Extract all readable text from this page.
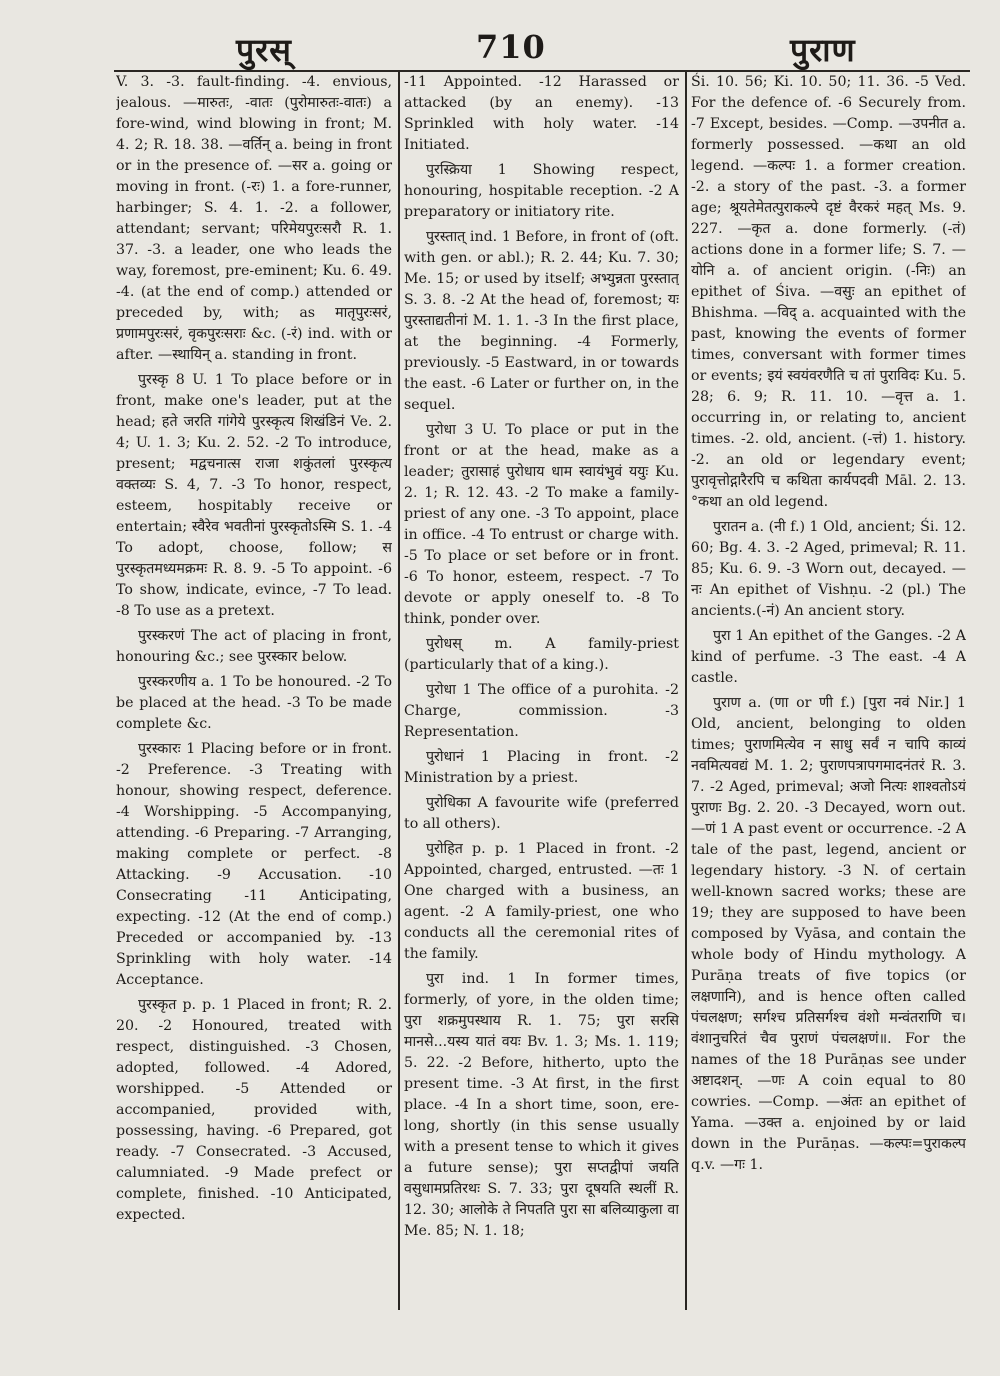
पुरस्	710	पुराण

V. 3. -3. fault-finding. -4. envious, jealous. —मारुतः, -वातः (पुरोमारुतः-वातः) a fore-wind, wind blowing in front; M. 4. 2; R. 18. 38. —वर्तिन् a. being in front or in the presence of. —सर a. going or moving in front. (-रः) 1. a fore-runner, harbinger; S. 4. 1. -2. a follower, attendant; servant; परिमेयपुरःसरौ R. 1. 37. -3. a leader, one who leads the way, foremost, pre-eminent; Ku. 6. 49. -4. (at the end of comp.) attended or preceded by, with; as मातृपुरःसरं, प्रणामपुरःसरं, वृकपुरःसराः &c. (-रं) ind. with or after. —स्थायिन् a. standing in front.

पुरस्कृ 8 U. 1 To place before or in front, make one's leader, put at the head; हते जरति गांगेये पुरस्कृत्य शिखंडिनं Ve. 2. 4; U. 1. 3; Ku. 2. 52. -2 To introduce, present; मद्वचनात्स राजा शकुंतलां पुरस्कृत्य वक्तव्यः S. 4, 7. -3 To honor, respect, esteem, hospitably receive or entertain; स्वैरेव भवतीनां पुरस्कृतोऽस्मि S. 1. -4 To adopt, choose, follow; स पुरस्कृतमध्यमक्रमः R. 8. 9. -5 To appoint. -6 To show, indicate, evince, -7 To lead. -8 To use as a pretext.

पुरस्करणं The act of placing in front, honouring &c.; see पुरस्कार below.

पुरस्करणीय a. 1 To be honoured. -2 To be placed at the head. -3 To be made complete &c.

पुरस्कारः 1 Placing before or in front. -2 Preference. -3 Treating with honour, showing respect, deference. -4 Worshipping. -5 Accompanying, attending. -6 Preparing. -7 Arranging, making complete or perfect. -8 Attacking. -9 Accusation. -10 Consecrating -11 Anticipating, expecting. -12 (At the end of comp.) Preceded or accompanied by. -13 Sprinkling with holy water. -14 Acceptance.

पुरस्कृत p. p. 1 Placed in front; R. 2. 20. -2 Honoured, treated with respect, distinguished. -3 Chosen, adopted, followed. -4 Adored, worshipped. -5 Attended or accompanied, provided with, possessing, having. -6 Prepared, got ready. -7 Consecrated. -3 Accused, calumniated. -9 Made prefect or complete, finished. -10 Anticipated, expected.

-11 Appointed. -12 Harassed or attacked (by an enemy). -13 Sprinkled with holy water. -14 Initiated.

पुरस्क्रिया 1 Showing respect, honouring, hospitable reception. -2 A preparatory or initiatory rite.

पुरस्तात् ind. 1 Before, in front of (oft. with gen. or abl.); R. 2. 44; Ku. 7. 30; Me. 15; or used by itself; अभ्युन्नता पुरस्तात् S. 3. 8. -2 At the head of, foremost; यः पुरस्ताद्यतीनां M. 1. 1. -3 In the first place, at the beginning. -4 Formerly, previously. -5 Eastward, in or towards the east. -6 Later or further on, in the sequel.

पुरोधा 3 U. To place or put in the front or at the head, make as a leader; तुरासाहं पुरोधाय धाम स्वायंभुवं ययुः Ku. 2. 1; R. 12. 43. -2 To make a family-priest of any one. -3 To appoint, place in office. -4 To entrust or charge with. -5 To place or set before or in front. -6 To honor, esteem, respect. -7 To devote or apply oneself to. -8 To think, ponder over.

पुरोधस् m. A family-priest (particularly that of a king.).

पुरोधा 1 The office of a purohita. -2 Charge, commission. -3 Representation.

पुरोधानं 1 Placing in front. -2 Ministration by a priest.

पुरोधिका A favourite wife (preferred to all others).

पुरोहित p. p. 1 Placed in front. -2 Appointed, charged, entrusted. —तः 1 One charged with a business, an agent. -2 A family-priest, one who conducts all the ceremonial rites of the family.

पुरा ind. 1 In former times, formerly, of yore, in the olden time; पुरा शक्रमुपस्थाय R. 1. 75; पुरा सरसि मानसे...यस्य यातं वयः Bv. 1. 3; Ms. 1. 119; 5. 22. -2 Before, hitherto, upto the present time. -3 At first, in the first place. -4 In a short time, soon, ere-long, shortly (in this sense usually with a present tense to which it gives a future sense); पुरा सप्तद्वीपां जयति वसुधामप्रतिरथः S. 7. 33; पुरा दूषयति स्थलीं R. 12. 30; आलोके ते निपतति पुरा सा बलिव्याकुला वा Me. 85; N. 1. 18;

Śi. 10. 56; Ki. 10. 50; 11. 36. -5 Ved. For the defence of. -6 Securely from. -7 Except, besides. —Comp. —उपनीत a. formerly possessed. —कथा an old legend. —कल्पः 1. a former creation. -2. a story of the past. -3. a former age; श्रूयतेमेतत्पुराकल्पे दृष्टं वैरकरं महत् Ms. 9. 227. —कृत a. done formerly. (-तं) actions done in a former life; S. 7. —योनि a. of ancient origin. (-निः) an epithet of Śiva. —वसुः an epithet of Bhishma. —विद् a. acquainted with the past, knowing the events of former times, conversant with former times or events; इयं स्वयंवरणैति च तां पुराविदः Ku. 5. 28; 6. 9; R. 11. 10. —वृत्त a. 1. occurring in, or relating to, ancient times. -2. old, ancient. (-त्तं) 1. history. -2. an old or legendary event; पुरावृत्तोद्गारैरपि च कथिता कार्यपदवी Māl. 2. 13. °कथा an old legend.

पुरातन a. (नी f.) 1 Old, ancient; Śi. 12. 60; Bg. 4. 3. -2 Aged, primeval; R. 11. 85; Ku. 6. 9. -3 Worn out, decayed. —नः An epithet of Vishṇu. -2 (pl.) The ancients.(-नं) An ancient story.

पुरा 1 An epithet of the Ganges. -2 A kind of perfume. -3 The east. -4 A castle.

पुराण a. (णा or णी f.) [पुरा नवं Nir.] 1 Old, ancient, belonging to olden times; पुराणमित्येव न साधु सर्वं न चापि काव्यं नवमित्यवद्यं M. 1. 2; पुराणपत्रापगमादनंतरं R. 3. 7. -2 Aged, primeval; अजो नित्यः शाश्वतोऽयं पुराणः Bg. 2. 20. -3 Decayed, worn out. —णं 1 A past event or occurrence. -2 A tale of the past, legend, ancient or legendary history. -3 N. of certain well-known sacred works; these are 19; they are supposed to have been composed by Vyāsa, and contain the whole body of Hindu mythology. A Purāṇa treats of five topics (or लक्षणानि), and is hence often called पंचलक्षण; सर्गश्च प्रतिसर्गश्च वंशो मन्वंतराणि च। वंशानुचरितं चैव पुराणं पंचलक्षणं॥. For the names of the 18 Purāṇas see under अष्टादशन्. —णः A coin equal to 80 cowries. —Comp. —अंतः an epithet of Yama. —उक्त a. enjoined by or laid down in the Purāṇas. —कल्पः=पुराकल्प q.v. —गः 1.
